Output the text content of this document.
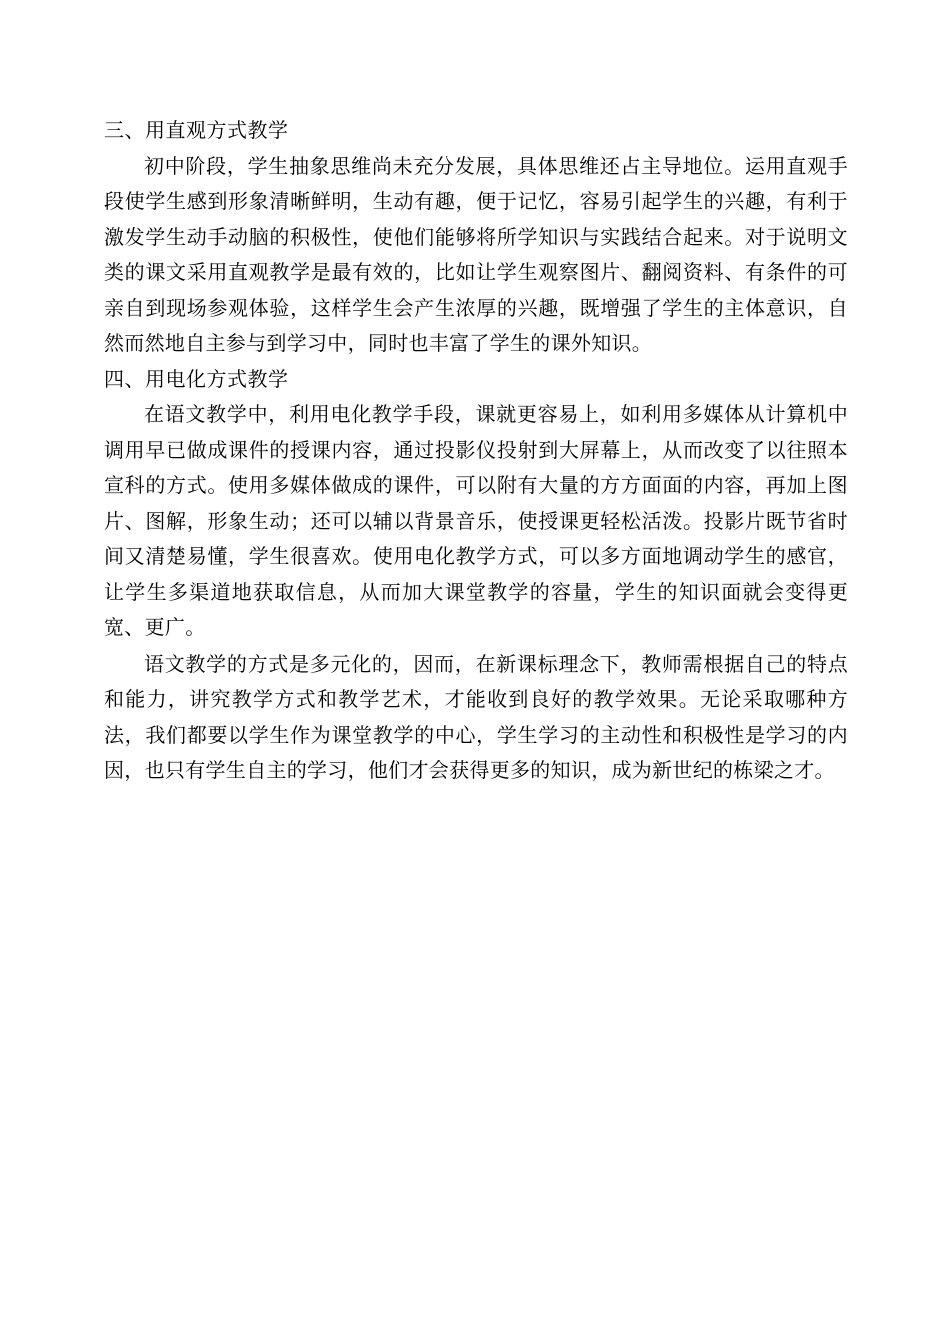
三、用直观方式教学

初中阶段，学生抽象思维尚未充分发展，具体思维还占主导地位。运用直观手段使学生感到形象清晰鲜明，生动有趣，便于记忆，容易引起学生的兴趣，有利于激发学生动手动脑的积极性，使他们能够将所学知识与实践结合起来。对于说明文类的课文采用直观教学是最有效的，比如让学生观察图片、翻阅资料、有条件的可亲自到现场参观体验，这样学生会产生浓厚的兴趣，既增强了学生的主体意识，自然而然地自主参与到学习中，同时也丰富了学生的课外知识。

四、用电化方式教学

在语文教学中，利用电化教学手段，课就更容易上，如利用多媒体从计算机中调用早已做成课件的授课内容，通过投影仪投射到大屏幕上，从而改变了以往照本宣科的方式。使用多媒体做成的课件，可以附有大量的方方面面的内容，再加上图片、图解，形象生动；还可以辅以背景音乐，使授课更轻松活泼。投影片既节省时间又清楚易懂，学生很喜欢。使用电化教学方式，可以多方面地调动学生的感官，让学生多渠道地获取信息，从而加大课堂教学的容量，学生的知识面就会变得更宽、更广。

语文教学的方式是多元化的，因而，在新课标理念下，教师需根据自己的特点和能力，讲究教学方式和教学艺术，才能收到良好的教学效果。无论采取哪种方法，我们都要以学生作为课堂教学的中心，学生学习的主动性和积极性是学习的内因，也只有学生自主的学习，他们才会获得更多的知识，成为新世纪的栋梁之才。
